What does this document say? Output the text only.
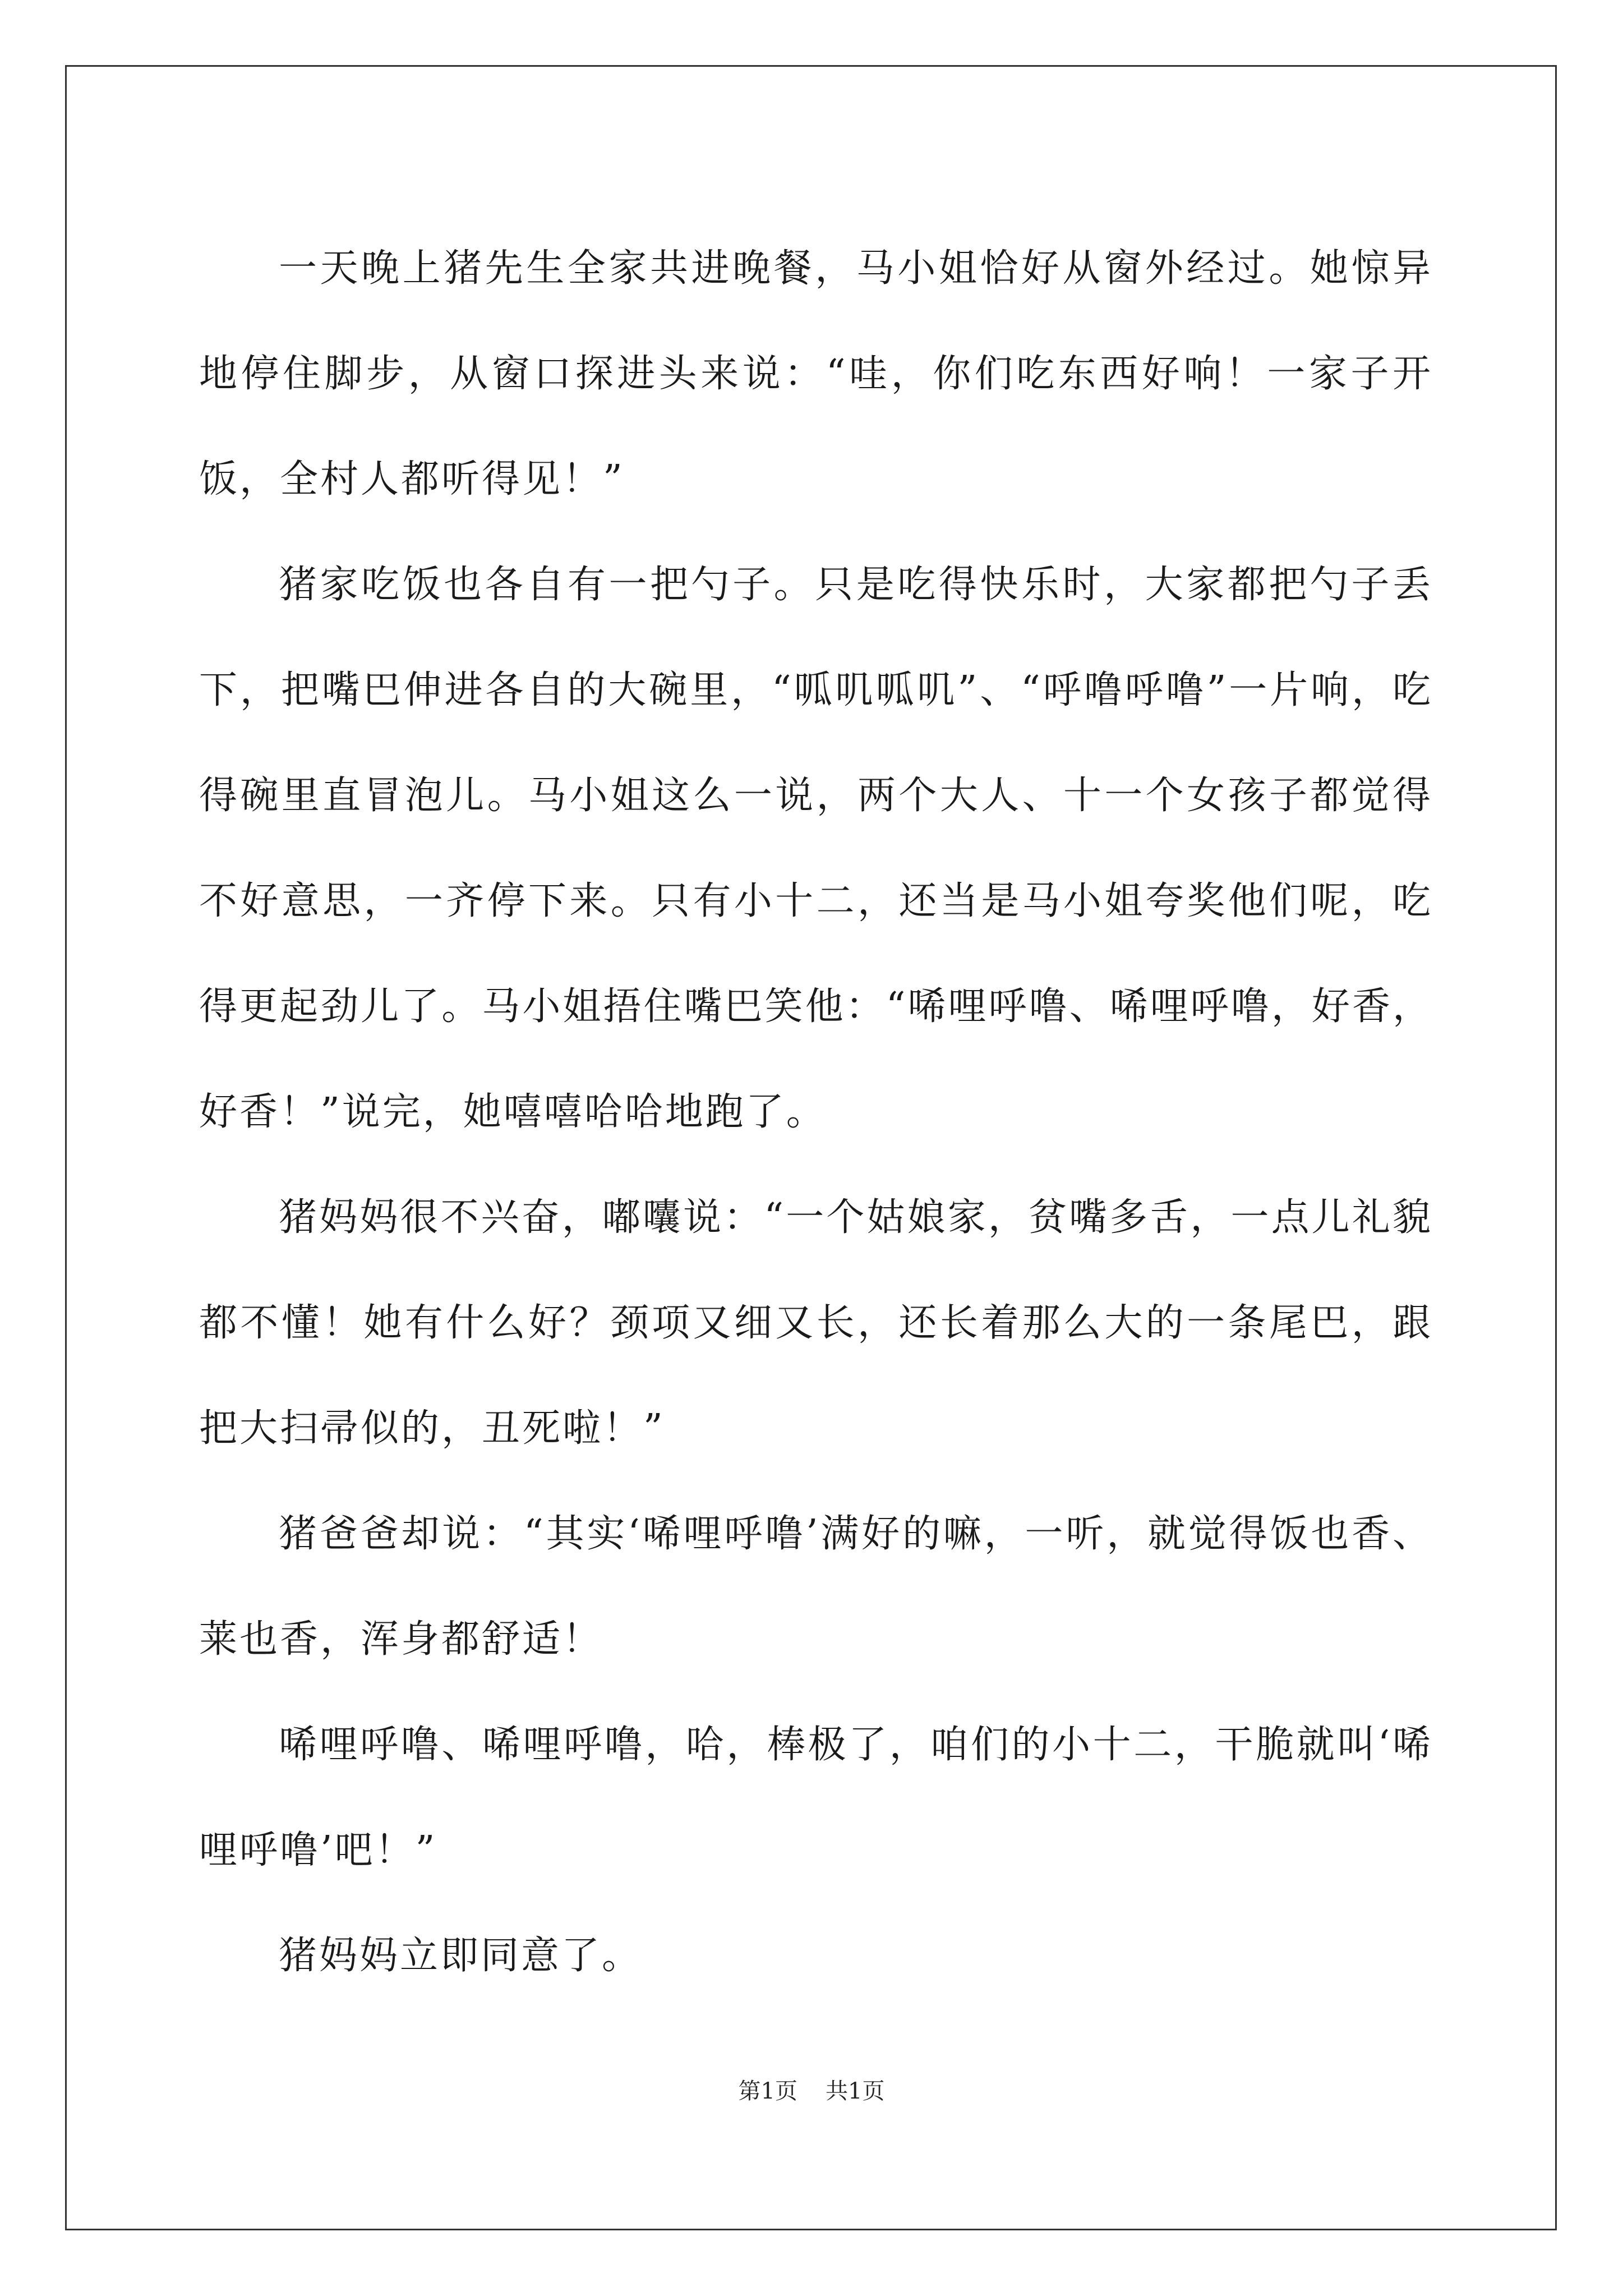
一天晚上猪先生全家共进晚餐，马小姐恰好从窗外经过。她惊异地停住脚步，从窗口探进头来说：“哇，你们吃东西好响！一家子开饭，全村人都听得见！”

猪家吃饭也各自有一把勺子。只是吃得快乐时，大家都把勺子丢下，把嘴巴伸进各自的大碗里，“呱叽呱叽”、“呼噜呼噜”一片响，吃得碗里直冒泡儿。马小姐这么一说，两个大人、十一个女孩子都觉得不好意思，一齐停下来。只有小十二，还当是马小姐夸奖他们呢，吃得更起劲儿了。马小姐捂住嘴巴笑他：“唏哩呼噜、唏哩呼噜，好香，好香！”说完，她嘻嘻哈哈地跑了。

猪妈妈很不兴奋，嘟囔说：“一个姑娘家，贫嘴多舌，一点儿礼貌都不懂！她有什么好？颈项又细又长，还长着那么大的一条尾巴，跟把大扫帚似的，丑死啦！”

猪爸爸却说：“其实‘唏哩呼噜’满好的嘛，一听，就觉得饭也香、莱也香，浑身都舒适！

唏哩呼噜、唏哩呼噜，哈，棒极了，咱们的小十二，干脆就叫‘唏哩呼噜’吧！”

猪妈妈立即同意了。

第1页 共1页
